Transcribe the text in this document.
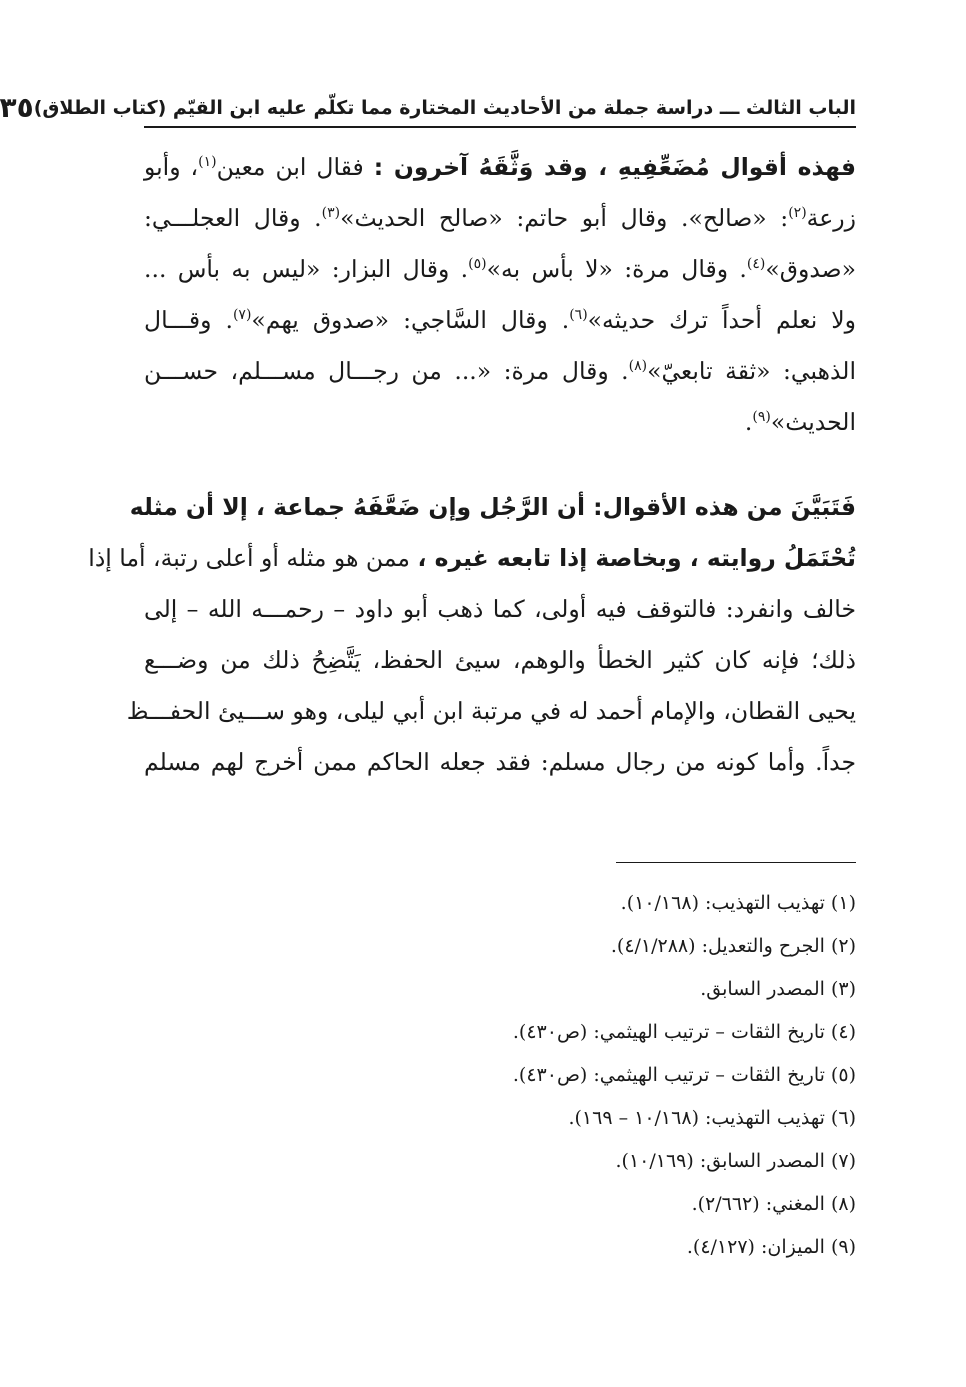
الباب الثالث ـــ دراسة جملة من الأحاديث المختارة مما تكلّم عليه ابن القيّم (كتاب الطلاق)
٣٥
فهذه أقوال مُضَعِّفِيهِ ، وقد وَثَّقَهُ آخرون : فقال ابن معين$^{(١)}$، وأبو
زرعة$^{(٢)}$: «صالح». وقال أبو حاتم: «صالح الحديث»$^{(٣)}$. وقال العجلـــي:
«صدوق»$^{(٤)}$. وقال مرة: «لا بأس به»$^{(٥)}$. وقال البزار: «ليس به بأس ...
ولا نعلم أحداً ترك حديثه»$^{(٦)}$. وقال السَّاجي: «صدوق يهم»$^{(٧)}$. وقـــال
الذهبي: «ثقة تابعيّ»$^{(٨)}$. وقال مرة: «... من رجـــال مســـلم، حســـن
الحديث»$^{(٩)}$.
فَتَبَيَّنَ من هذه الأقوال: أن الرَّجُل وإن ضَعَّفَهُ جماعة ، إلا أن مثله
تُحْتَمَلُ روايته ، وبخاصة إذا تابعه غيره ، ممن هو مثله أو أعلى رتبة، أما إذا
خالف وانفرد: فالتوقف فيه أولى، كما ذهب أبو داود – رحمـــه الله – إلى
ذلك؛ فإنه كان كثير الخطأ والوهم، سيئ الحفظ، يَتَّضِحُ ذلك من وضـــع
يحيى القطان، والإمام أحمد له في مرتبة ابن أبي ليلى، وهو ســـيئ الحفـــظ
جداً. وأما كونه من رجال مسلم: فقد جعله الحاكم ممن أخرج لهم مسلم
(١) تهذيب التهذيب: (١٠/١٦٨).
(٢) الجرح والتعديل: (٤/١/٢٨٨).
(٣) المصدر السابق.
(٤) تاريخ الثقات – ترتيب الهيثمي: (ص٤٣٠).
(٥) تاريخ الثقات – ترتيب الهيثمي: (ص٤٣٠).
(٦) تهذيب التهذيب: (١٠/١٦٨ – ١٦٩).
(٧) المصدر السابق: (١٠/١٦٩).
(٨) المغني: (٢/٦٦٢).
(٩) الميزان: (٤/١٢٧).
